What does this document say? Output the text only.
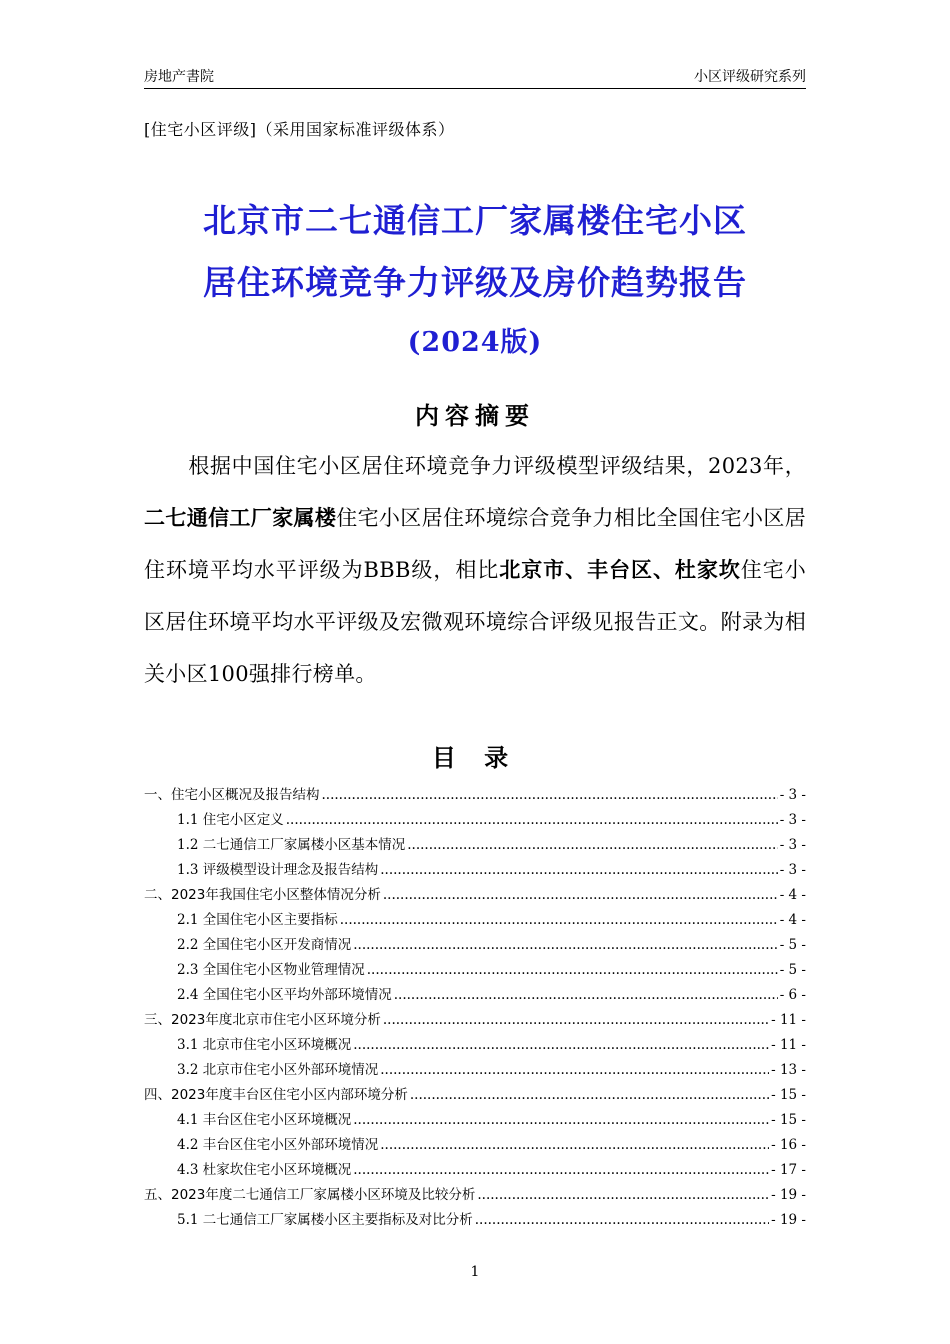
房地产書院	小区评级研究系列
[住宅小区评级]（采用国家标准评级体系）
北京市二七通信工厂家属楼住宅小区
居住环境竞争力评级及房价趋势报告
(2024版)
内容摘要
根据中国住宅小区居住环境竞争力评级模型评级结果，2023年，二七通信工厂家属楼住宅小区居住环境综合竞争力相比全国住宅小区居住环境平均水平评级为BBB级，相比北京市、丰台区、杜家坎住宅小区居住环境平均水平评级及宏微观环境综合评级见报告正文。附录为相关小区100强排行榜单。
目 录
一、住宅小区概况及报告结构 .....	- 3 -
1.1 住宅小区定义 .....	- 3 -
1.2 二七通信工厂家属楼小区基本情况 .....	- 3 -
1.3 评级模型设计理念及报告结构 .....	- 3 -
二、2023年我国住宅小区整体情况分析 .....	- 4 -
2.1 全国住宅小区主要指标 .....	- 4 -
2.2 全国住宅小区开发商情况 .....	- 5 -
2.3 全国住宅小区物业管理情况 .....	- 5 -
2.4 全国住宅小区平均外部环境情况 .....	- 6 -
三、2023年度北京市住宅小区环境分析 .....	- 11 -
3.1 北京市住宅小区环境概况 .....	- 11 -
3.2 北京市住宅小区外部环境情况 .....	- 13 -
四、2023年度丰台区住宅小区内部环境分析 .....	- 15 -
4.1 丰台区住宅小区环境概况 .....	- 15 -
4.2 丰台区住宅小区外部环境情况 .....	- 16 -
4.3 杜家坎住宅小区环境概况 .....	- 17 -
五、2023年度二七通信工厂家属楼小区环境及比较分析 .....	- 19 -
5.1 二七通信工厂家属楼小区主要指标及对比分析 .....	- 19 -
1
